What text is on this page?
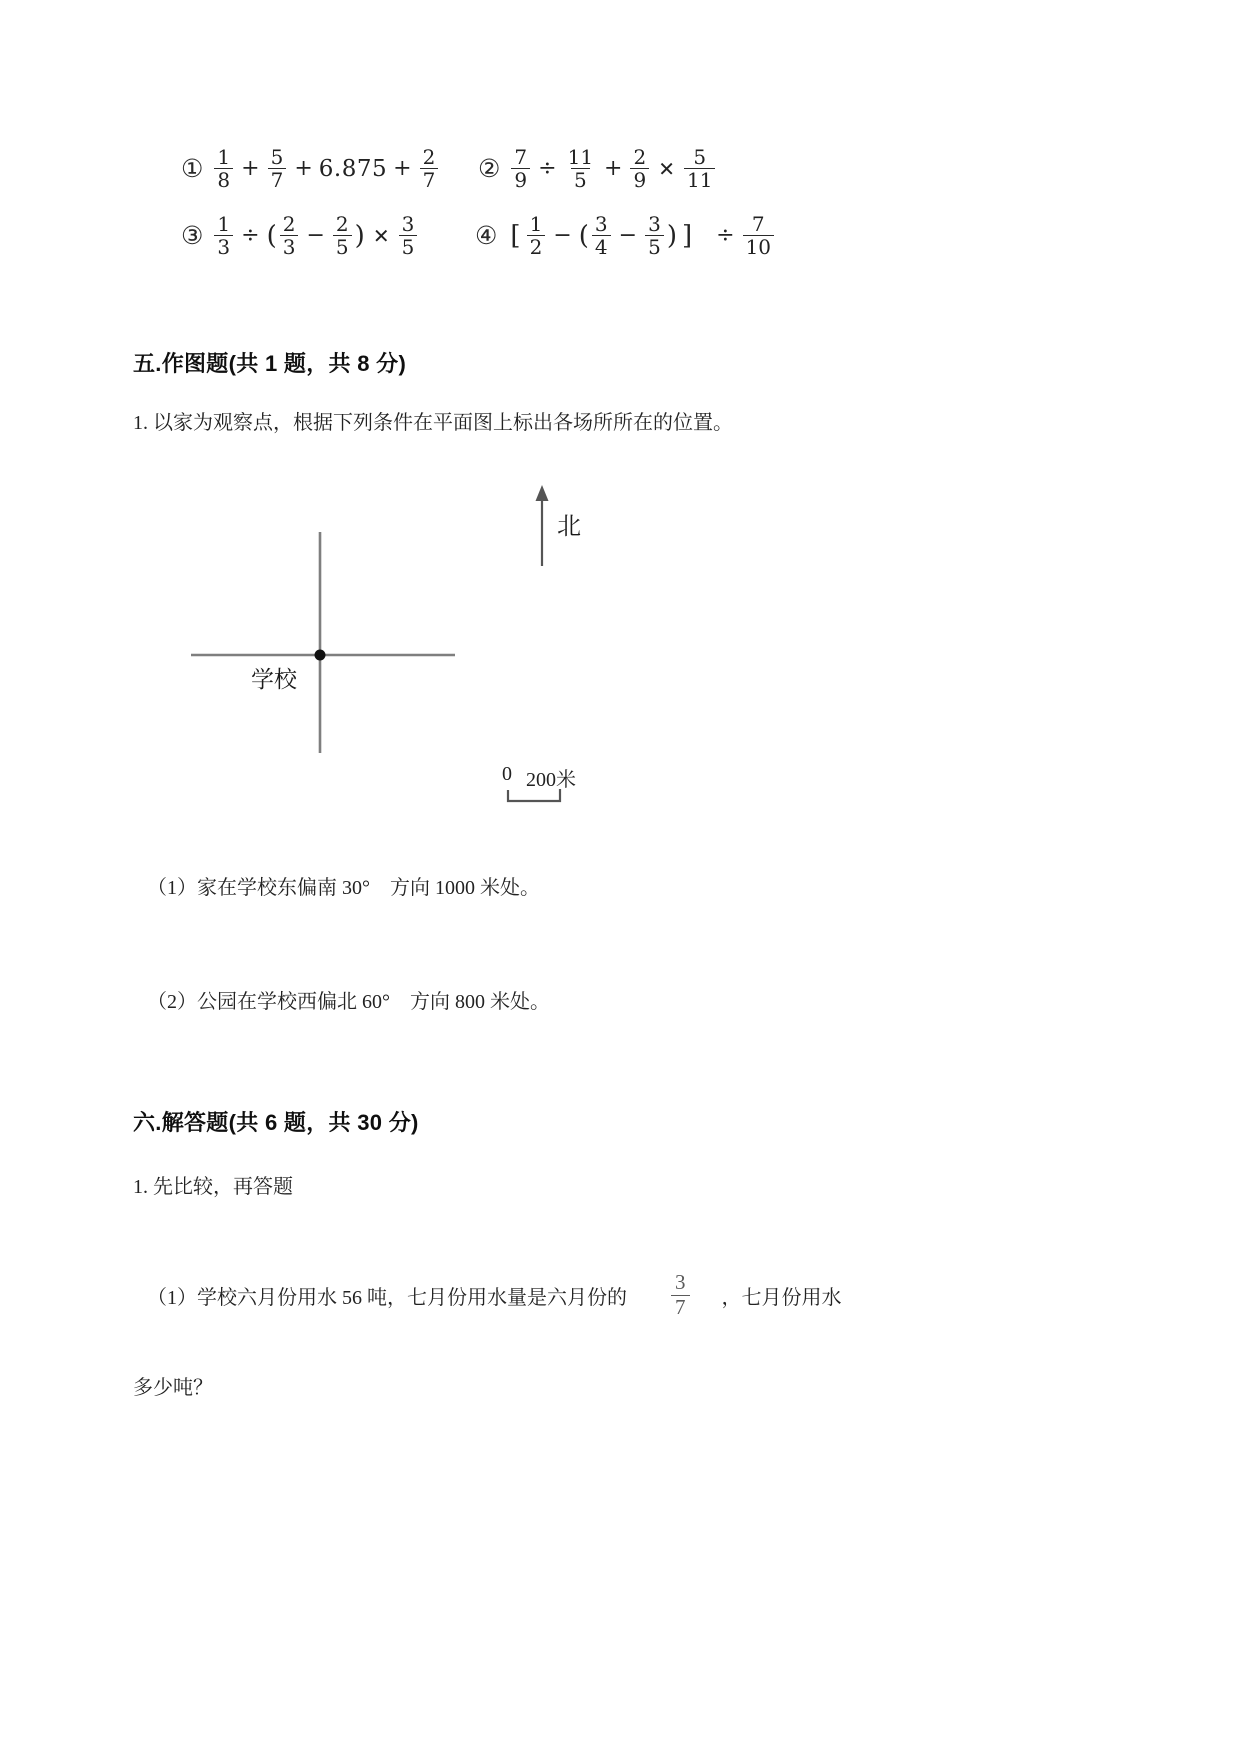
① $\frac{1}{8} + \frac{5}{7} + 6.875 + \frac{2}{7}$ ② $\frac{7}{9} \div \frac{11}{5} + \frac{2}{9}$ ✕ $\frac{5}{11}$
③ $\frac{1}{3}$ ÷ ( $\frac{2}{3} - \frac{2}{5}$ ) ✕ $\frac{3}{5}$ ④ [ $\frac{1}{2}$ − ( $\frac{3}{4} - \frac{3}{5}$ ) ] ÷ $\frac{7}{10}$
五.作图题(共 1 题，共 8 分)
1. 以家为观察点，根据下列条件在平面图上标出各场所所在的位置。
北
学校
0 200米
（1）家在学校东偏南 30°　方向 1000 米处。
（2）公园在学校西偏北 60°　方向 800 米处。
六.解答题(共 6 题，共 30 分)
1. 先比较，再答题
（1）学校六月份用水 56 吨，七月份用水量是六月份的 $\frac{3}{7}$ ，七月份用水
多少吨？
